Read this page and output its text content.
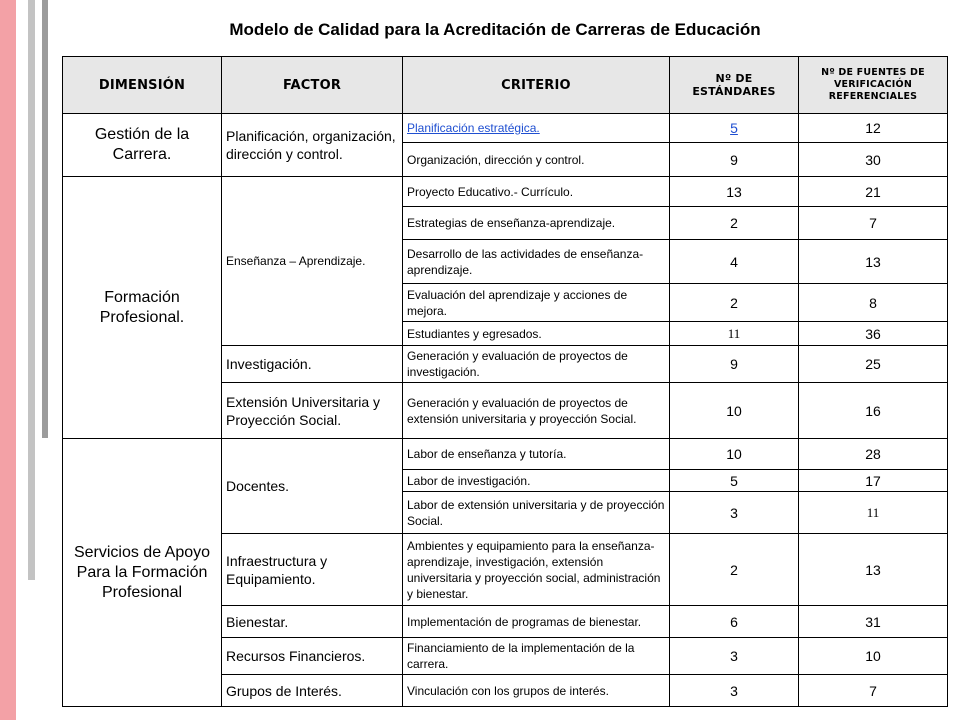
Modelo de Calidad para la Acreditación de Carreras de Educación
DIMENSIÓN	FACTOR	CRITERIO	Nº DE ESTÁNDARES	Nº DE FUENTES DE VERIFICACIÓN REFERENCIALES
Gestión de la Carrera.	Planificación, organización, dirección y control.	Planificación estratégica.	5	12
		Organización, dirección y control.	9	30
Formación Profesional.	Enseñanza – Aprendizaje.	Proyecto Educativo.- Currículo.	13	21
		Estrategias de enseñanza-aprendizaje.	2	7
		Desarrollo de las actividades de enseñanza-aprendizaje.	4	13
		Evaluación del aprendizaje y acciones de mejora.	2	8
		Estudiantes y egresados.	11	36
	Investigación.	Generación y evaluación de proyectos de investigación.	9	25
	Extensión Universitaria y Proyección Social.	Generación y evaluación de proyectos de extensión universitaria y proyección Social.	10	16
Servicios de Apoyo Para la Formación Profesional	Docentes.	Labor de enseñanza y tutoría.	10	28
		Labor de investigación.	5	17
		Labor de extensión universitaria y de proyección Social.	3	11
	Infraestructura y Equipamiento.	Ambientes y equipamiento para la enseñanza-aprendizaje, investigación, extensión universitaria y proyección social, administración y bienestar.	2	13
	Bienestar.	Implementación de programas de bienestar.	6	31
	Recursos Financieros.	Financiamiento de la implementación de la carrera.	3	10
	Grupos de Interés.	Vinculación con los grupos de interés.	3	7
